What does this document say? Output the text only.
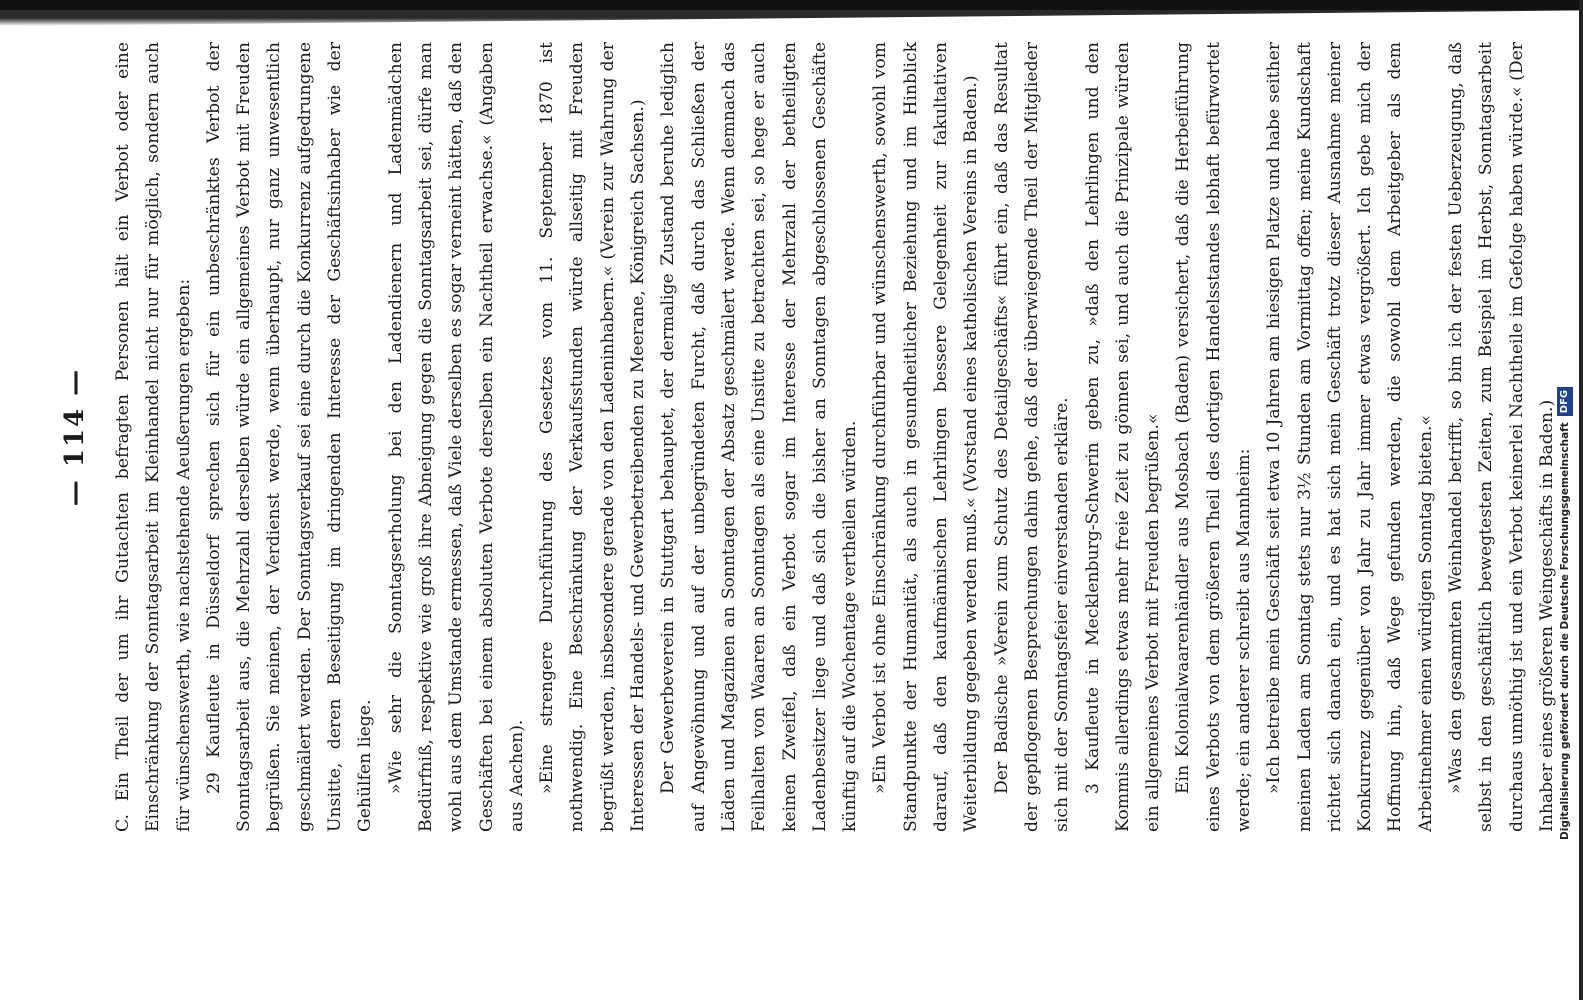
— 114 — C. Ein Theil der um ihr Gutachten befragten Personen hält ein Verbot oder eine Einschränkung der Sonntagsarbeit im Kleinhandel nicht nur für möglich, sondern auch für wünschenswerth, wie nachstehende Aeußerungen ergeben: 29 Kaufleute in Düsseldorf sprechen sich für ein unbeschränktes Verbot der Sonntagsarbeit aus, die Mehrzahl derselben würde ein allgemeines Verbot mit Freuden begrüßen. Sie meinen, der Verdienst werde, wenn überhaupt, nur ganz unwesentlich geschmälert werden. Der Sonntagsverkauf sei eine durch die Konkurrenz aufgedrungene Unsitte, deren Beseitigung im dringenden Interesse der Geschäftsinhaber wie der Gehülfen liege. »Wie sehr die Sonntagserholung bei den Ladendienern und Ladenmädchen Bedürfniß, respektive wie groß ihre Abneigung gegen die Sonntagsarbeit sei, dürfe man wohl aus dem Umstande ermessen, daß Viele derselben es sogar verneint hätten, daß den Geschäften bei einem absoluten Verbote derselben ein Nachtheil erwachse.« (Angaben aus Aachen). »Eine strengere Durchführung des Gesetzes vom 11. September 1870 ist nothwendig. Eine Beschränkung der Verkaufsstunden würde allseitig mit Freuden begrüßt werden, insbesondere gerade von den Ladeninhabern.« (Verein zur Wahrung der Interessen der Handels- und Gewerbetreibenden zu Meerane, Königreich Sachsen.) Der Gewerbeverein in Stuttgart behauptet, der dermalige Zustand beruhe lediglich auf Angewöhnung und auf der unbegründeten Furcht, daß durch das Schließen der Läden und Magazinen an Sonntagen der Absatz geschmälert werde. Wenn demnach das Feilhalten von Waaren an Sonntagen als eine Unsitte zu betrachten sei, so hege er auch keinen Zweifel, daß ein Verbot sogar im Interesse der Mehrzahl der betheiligten Ladenbesitzer liege und daß sich die bisher an Sonntagen abgeschlossenen Geschäfte künftig auf die Wochentage vertheilen würden. »Ein Verbot ist ohne Einschränkung durchführbar und wünschenswerth, sowohl vom Standpunkte der Humanität, als auch in gesundheitlicher Beziehung und im Hinblick darauf, daß den kaufmännischen Lehrlingen bessere Gelegenheit zur fakultativen Weiterbildung gegeben werden muß.« (Vorstand eines katholischen Vereins in Baden.) Der Badische »Verein zum Schutz des Detailgeschäfts« führt ein, daß das Resultat der gepflogenen Besprechungen dahin gehe, daß der überwiegende Theil der Mitglieder sich mit der Sonntagsfeier einverstanden erkläre. 3 Kaufleute in Mecklenburg-Schwerin geben zu, »daß den Lehrlingen und den Kommis allerdings etwas mehr freie Zeit zu gönnen sei, und auch die Prinzipale würden ein allgemeines Verbot mit Freuden begrüßen.« Ein Kolonialwaarenhändler aus Mosbach (Baden) versichert, daß die Herbeiführung eines Verbots von dem größeren Theil des dortigen Handelsstandes lebhaft befürwortet werde; ein anderer schreibt aus Mannheim: »Ich betreibe mein Geschäft seit etwa 10 Jahren am hiesigen Platze und habe seither meinen Laden am Sonntag stets nur 3½ Stunden am Vormittag offen; meine Kundschaft richtet sich danach ein, und es hat sich mein Geschäft trotz dieser Ausnahme meiner Konkurrenz gegenüber von Jahr zu Jahr immer etwas vergrößert. Ich gebe mich der Hoffnung hin, daß Wege gefunden werden, die sowohl dem Arbeitgeber als dem Arbeitnehmer einen würdigen Sonntag bieten.« »Was den gesammten Weinhandel betrifft, so bin ich der festen Ueberzeugung, daß selbst in den geschäftlich bewegtesten Zeiten, zum Beispiel im Herbst, Sonntagsarbeit durchaus unnöthig ist und ein Verbot keinerlei Nachtheile im Gefolge haben würde.« (Der Inhaber eines größeren Weingeschäfts in Baden.) Digitalisierung gefördert durch die Deutsche Forschungsgemeinschaft
DFG
